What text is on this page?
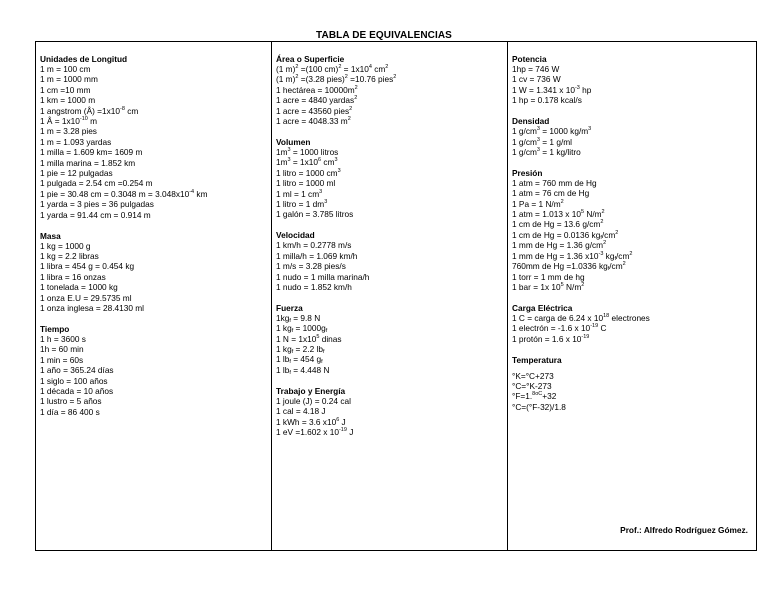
TABLA DE EQUIVALENCIAS
Unidades de Longitud
1 m = 100 cm
1 m = 1000 mm
1 cm =10 mm
1 km = 1000 m
1 angstrom (Å) $=1x10^{-8}$ cm
1 Å = $1x10^{-10}$ m
1 m = 3.28 pies
1 m = 1.093 yardas
1 milla = 1.609 km= 1609 m
1 milla marina = 1.852 km
1 pie = 12 pulgadas
1 pulgada = 2.54 cm =0.254 m
1 pie = 30.48 cm = 0.3048 $m = 3.048x10^{-4}$ km
1 yarda = 3 pies = 36 pulgadas
1 yarda = 91.44 cm = 0.914 m
Masa
1 kg = 1000 g
1 kg = 2.2 libras
1 libra = 454 g = 0.454 kg
1 libra = 16 onzas
1 tonelada = 1000 kg
1 onza E.U = 29.5735 ml
1 onza inglesa = 28.4130 ml
Tiempo
1 h = 3600 s
1h = 60 min
1 min = 60s
1 año = 365.24 días
1 siglo = 100 años
1 década = 10 años
1 lustro = 5 años
1 día = 86 400 s
Área o Superficie
(1 m)$^2$ =(100 $cm)^2 = 1x10^4$ $cm^2$
(1 m)$^2$ =(3.28 pies)$^2$ =10.76 pies$^2$
1 hectárea = $10000m^2$
1 acre = 4840 yardas$^2$
1 acre = 43560 pies$^2$
1 acre = 4048.33 $m^2$
Volumen
$1m^3 = 1000$ litros
$1m^3 = 1x10^6$ $cm^3$
1 litro = 1000 $cm^3$
1 litro = 1000 ml
1 ml = 1 $cm^3$
1 litro = 1 $dm^3$
1 galón = 3.785 litros
Velocidad
1 km/h = 0.2778 m/s
1 milla/h = 1.069 km/h
1 m/s = 3.28 pies/s
1 nudo = 1 milla marina/h
1 nudo = 1.852 km/h
Fuerza
$1kg_f = 9.8$ N
1 $kg_f = 1000g_f$
1 $N = 1x10^5$ dinas
1 $kg_f = 2.2$ $lb_f$
1 $lb_f = 454$ $g_f$
1 $lb_f = 4.448$ N
Trabajo y Energía
1 joule (J) = 0.24 cal
1 cal = 4.18 J
1 kWh = 3.6 $x10^6$ J
1 eV =1.602 x $10^{-19}$ J
Potencia
1hp = 746 W
1 cv = 736 W
1 W = 1.341 x $10^{-3}$ hp
1 hp = 0.178 kcal/s
Densidad
1 $g/cm^3 = 1000$ $kg/m^3$
1 $g/cm^3 = 1$ g/ml
1 $g/cm^3 = 1$ kg/litro
Presión
1 atm = 760 mm de Hg
1 atm = 76 cm de Hg
1 Pa = 1 $N/m^2$
1 atm = 1.013 x $10^5$ $N/m^2$
1 cm de Hg = 13.6 $g/cm^2$
1 cm de Hg = 0.0136 $kg_f/cm^2$
1 mm de Hg = 1.36 $g/cm^2$
1 mm de Hg = 1.36 $x10^{-3}$ $kg_f/cm^2$
760mm de Hg =1.0336 $kg_f/cm^2$
1 torr = 1 mm de hg
1 bar = 1x $10^5$ $N/m^2$
Carga Eléctrica
1 C = carga de 6.24 x $10^{18}$ electrones
1 electrón = -1.6 x $10^{-19}$ C
1 protón = 1.6 x $10^{-19}$
Temperatura
°K=°C+273
°C=°K-273
°F=1.$^{8oC}$+32
°C=(°F-32)/1.8
Prof.: Alfredo Rodríguez Gómez.
